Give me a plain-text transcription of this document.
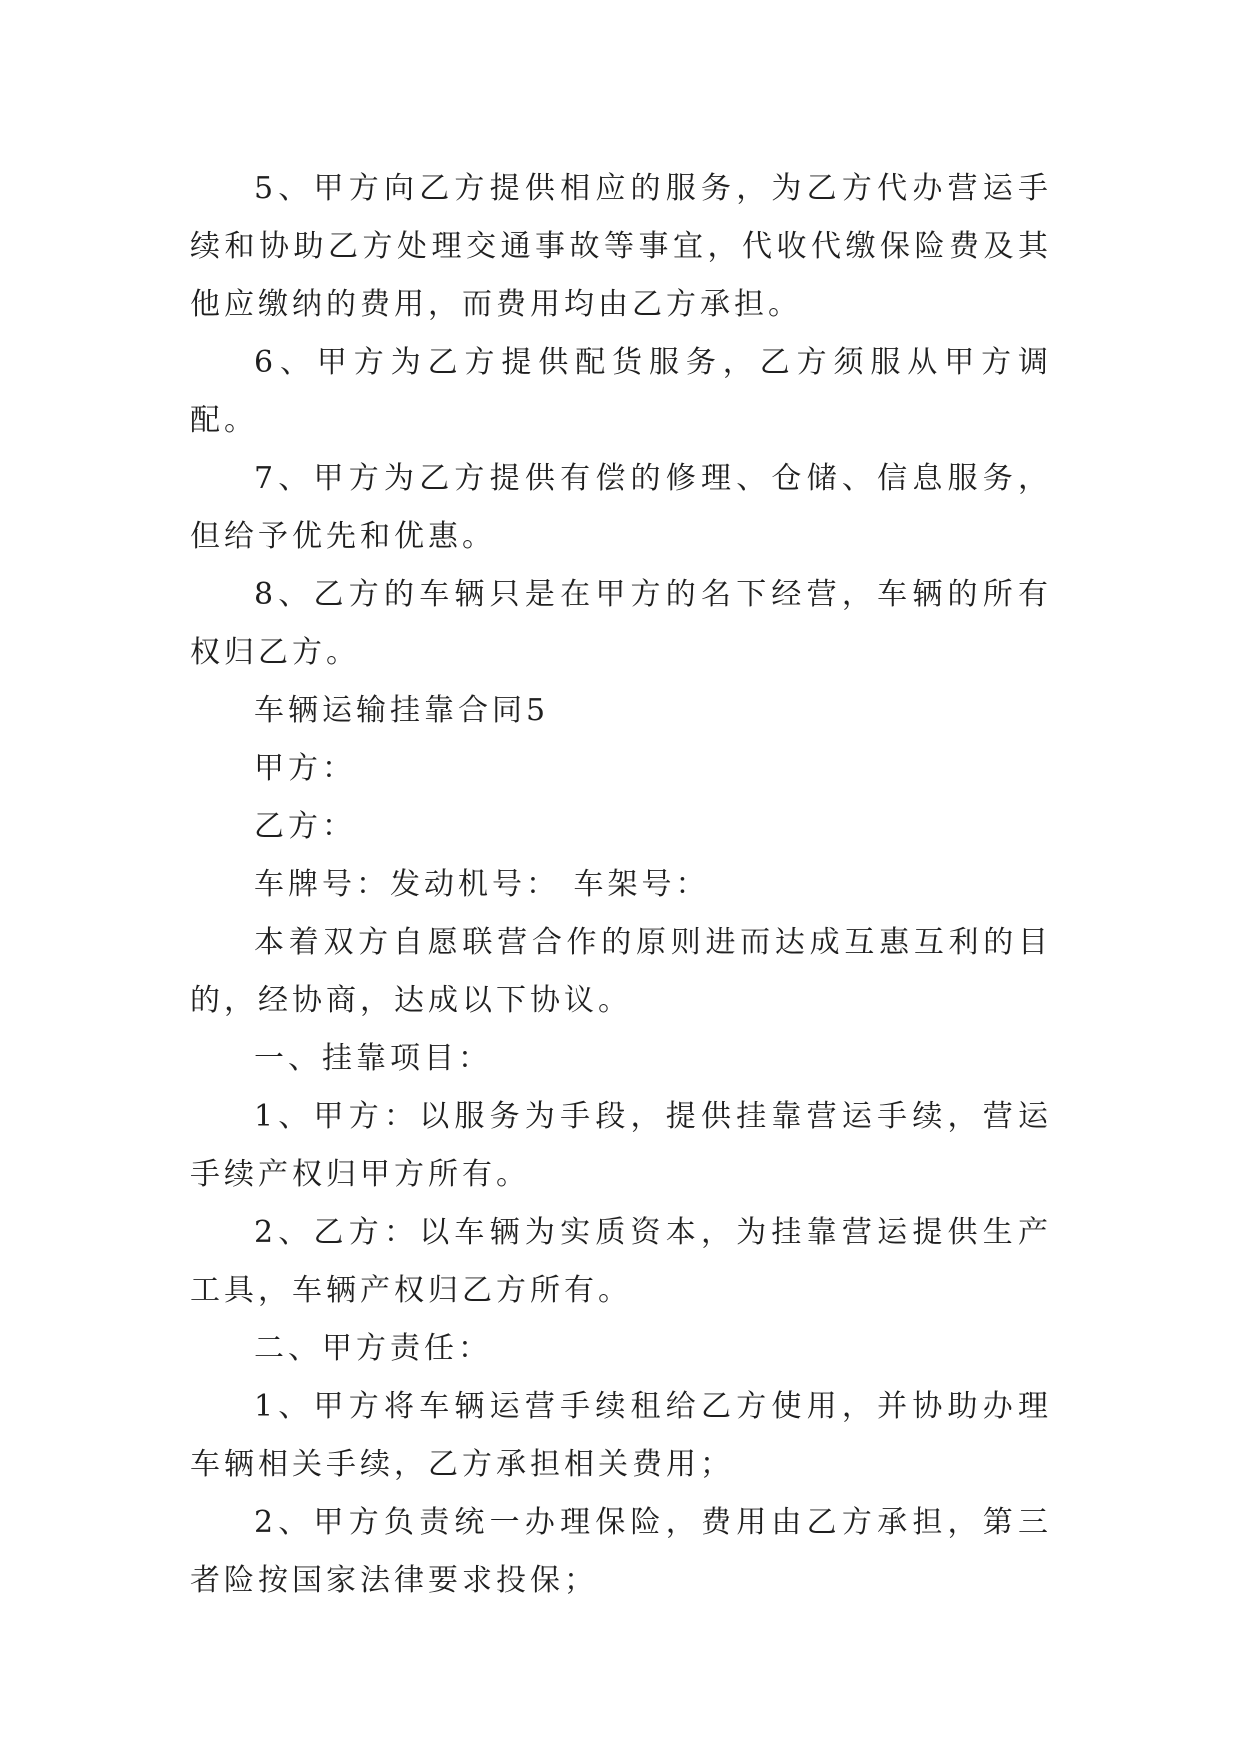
5、甲方向乙方提供相应的服务，为乙方代办营运手续和协助乙方处理交通事故等事宜，代收代缴保险费及其他应缴纳的费用，而费用均由乙方承担。

6、甲方为乙方提供配货服务，乙方须服从甲方调配。

7、甲方为乙方提供有偿的修理、仓储、信息服务，但给予优先和优惠。

8、乙方的车辆只是在甲方的名下经营，车辆的所有权归乙方。

车辆运输挂靠合同5

甲方：

乙方：

车牌号：发动机号： 车架号：

本着双方自愿联营合作的原则进而达成互惠互利的目的，经协商，达成以下协议。

一、挂靠项目：

1、甲方：以服务为手段，提供挂靠营运手续，营运手续产权归甲方所有。

2、乙方：以车辆为实质资本，为挂靠营运提供生产工具，车辆产权归乙方所有。

二、甲方责任：

1、甲方将车辆运营手续租给乙方使用，并协助办理车辆相关手续，乙方承担相关费用；

2、甲方负责统一办理保险，费用由乙方承担，第三者险按国家法律要求投保；
